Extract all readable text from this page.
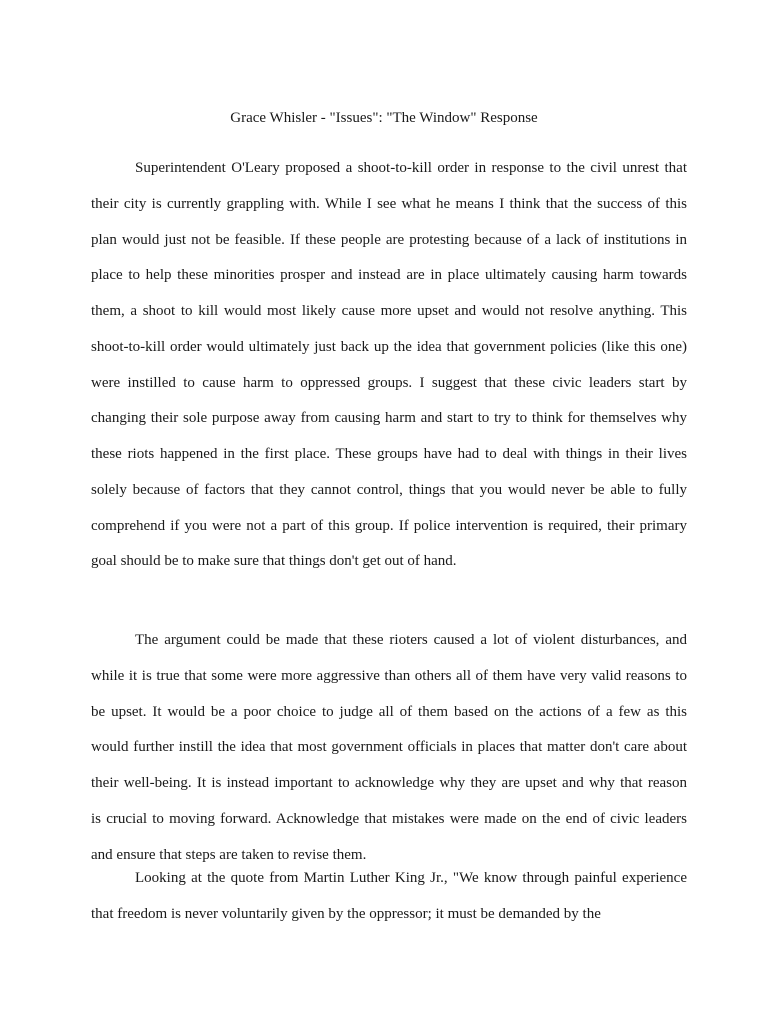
Grace Whisler - "Issues": "The Window" Response
Superintendent O'Leary proposed a shoot-to-kill order in response to the civil unrest that
their city is currently grappling with. While I see what he means I think that the success of this
plan would just not be feasible. If these people are protesting because of a lack of institutions in
place to help these minorities prosper and instead are in place ultimately causing harm towards
them, a shoot to kill would most likely cause more upset and would not resolve anything. This
shoot-to-kill order would ultimately just back up the idea that government policies (like this one)
were instilled to cause harm to oppressed groups. I suggest that these civic leaders start by
changing their sole purpose away from causing harm and start to try to think for themselves why
these riots happened in the first place. These groups have had to deal with things in their lives
solely because of factors that they cannot control, things that you would never be able to fully
comprehend if you were not a part of this group. If police intervention is required, their primary
goal should be to make sure that things don't get out of hand.
The argument could be made that these rioters caused a lot of violent disturbances, and
while it is true that some were more aggressive than others all of them have very valid reasons to
be upset. It would be a poor choice to judge all of them based on the actions of a few as this
would further instill the idea that most government officials in places that matter don't care about
their well-being. It is instead important to acknowledge why they are upset and why that reason
is crucial to moving forward. Acknowledge that mistakes were made on the end of civic leaders
and ensure that steps are taken to revise them.
Looking at the quote from Martin Luther King Jr., "We know through painful experience
that freedom is never voluntarily given by the oppressor; it must be demanded by the
